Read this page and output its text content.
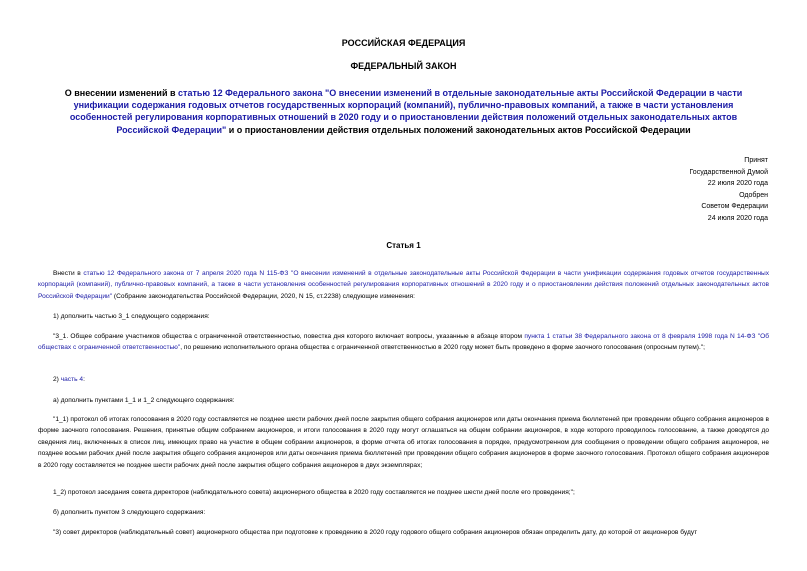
РОССИЙСКАЯ ФЕДЕРАЦИЯ
ФЕДЕРАЛЬНЫЙ ЗАКОН
О внесении изменений в статью 12 Федерального закона "О внесении изменений в отдельные законодательные акты Российской Федерации в части унификации содержания годовых отчетов государственных корпораций (компаний), публично-правовых компаний, а также в части установления особенностей регулирования корпоративных отношений в 2020 году и о приостановлении действия положений отдельных законодательных актов Российской Федерации" и о приостановлении действия отдельных положений законодательных актов Российской Федерации
Принят
Государственной Думой
22 июля 2020 года
Одобрен
Советом Федерации
24 июля 2020 года
Статья 1
Внести в статью 12 Федерального закона от 7 апреля 2020 года N 115-ФЗ "О внесении изменений в отдельные законодательные акты Российской Федерации в части унификации содержания годовых отчетов государственных корпораций (компаний), публично-правовых компаний, а также в части установления особенностей регулирования корпоративных отношений в 2020 году и о приостановлении действия положений отдельных законодательных актов Российской Федерации" (Собрание законодательства Российской Федерации, 2020, N 15, ст.2238) следующие изменения:
1) дополнить частью 3_1 следующего содержания:
"3_1. Общее собрание участников общества с ограниченной ответственностью, повестка дня которого включает вопросы, указанные в абзаце втором пункта 1 статьи 38 Федерального закона от 8 февраля 1998 года N 14-ФЗ "Об обществах с ограниченной ответственностью", по решению исполнительного органа общества с ограниченной ответственностью в 2020 году может быть проведено в форме заочного голосования (опросным путем).";
2) часть 4:
а) дополнить пунктами 1_1 и 1_2 следующего содержания:
"1_1) протокол об итогах голосования в 2020 году составляется не позднее шести рабочих дней после закрытия общего собрания акционеров или даты окончания приема бюллетеней при проведении общего собрания акционеров в форме заочного голосования. Решения, принятые общим собранием акционеров, и итоги голосования в 2020 году могут оглашаться на общем собрании акционеров, в ходе которого проводилось голосование, а также доводятся до сведения лиц, включенных в список лиц, имеющих право на участие в общем собрании акционеров, в форме отчета об итогах голосования в порядке, предусмотренном для сообщения о проведении общего собрания акционеров, не позднее восьми рабочих дней после закрытия общего собрания акционеров или даты окончания приема бюллетеней при проведении общего собрания акционеров в форме заочного голосования. Протокол общего собрания акционеров в 2020 году составляется не позднее шести рабочих дней после закрытия общего собрания акционеров в двух экземплярах;
1_2) протокол заседания совета директоров (наблюдательного совета) акционерного общества в 2020 году составляется не позднее шести дней после его проведения;";
б) дополнить пунктом 3 следующего содержания:
"3) совет директоров (наблюдательный совет) акционерного общества при подготовке к проведению в 2020 году годового общего собрания акционеров обязан определить дату, до которой от акционеров будут
